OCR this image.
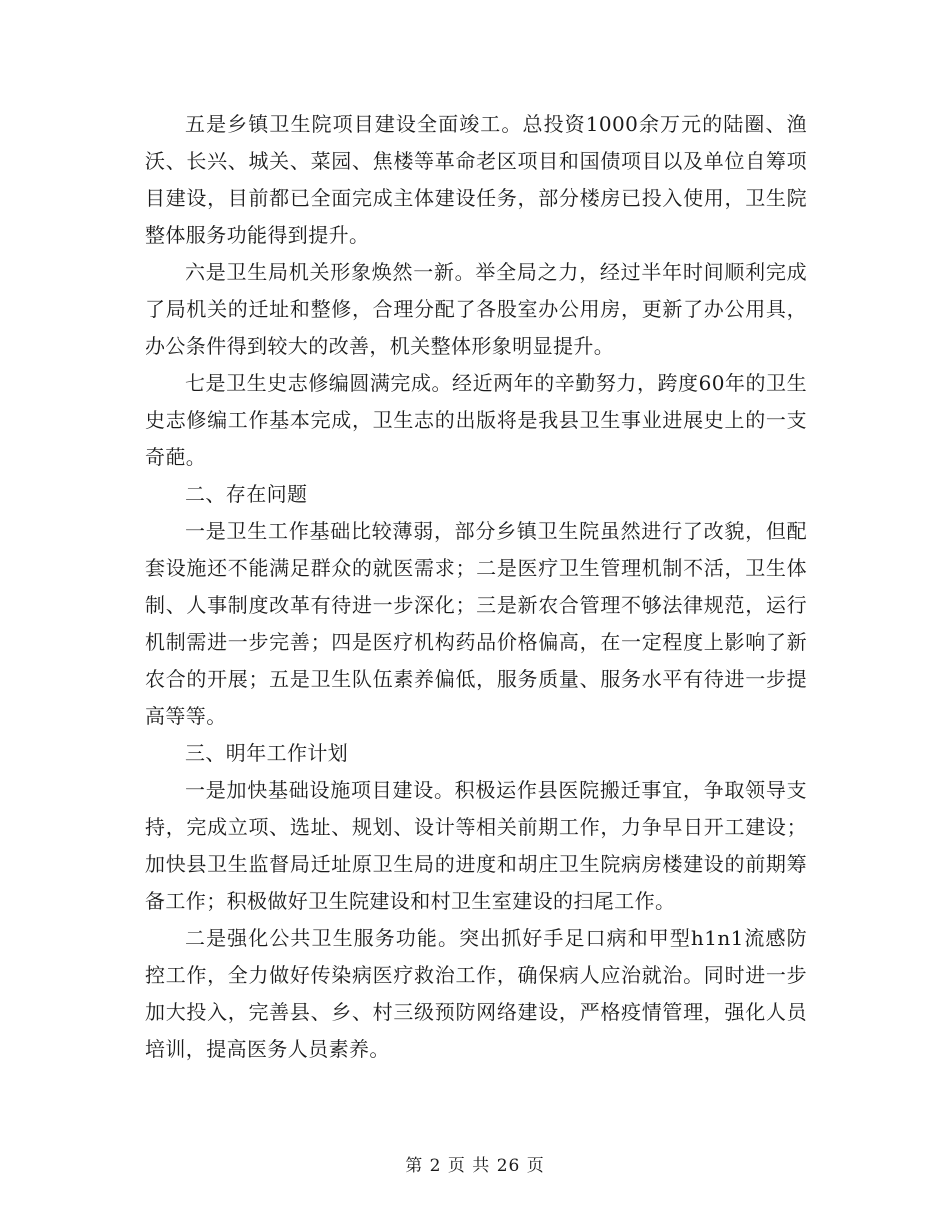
五是乡镇卫生院项目建设全面竣工。总投资1000余万元的陆圈、渔沃、长兴、城关、菜园、焦楼等革命老区项目和国债项目以及单位自筹项目建设，目前都已全面完成主体建设任务，部分楼房已投入使用，卫生院整体服务功能得到提升。

六是卫生局机关形象焕然一新。举全局之力，经过半年时间顺利完成了局机关的迁址和整修，合理分配了各股室办公用房，更新了办公用具，办公条件得到较大的改善，机关整体形象明显提升。

七是卫生史志修编圆满完成。经近两年的辛勤努力，跨度60年的卫生史志修编工作基本完成，卫生志的出版将是我县卫生事业进展史上的一支奇葩。

二、存在问题

一是卫生工作基础比较薄弱，部分乡镇卫生院虽然进行了改貌，但配套设施还不能满足群众的就医需求；二是医疗卫生管理机制不活，卫生体制、人事制度改革有待进一步深化；三是新农合管理不够法律规范，运行机制需进一步完善；四是医疗机构药品价格偏高，在一定程度上影响了新农合的开展；五是卫生队伍素养偏低，服务质量、服务水平有待进一步提高等等。

三、明年工作计划

一是加快基础设施项目建设。积极运作县医院搬迁事宜，争取领导支持，完成立项、选址、规划、设计等相关前期工作，力争早日开工建设；加快县卫生监督局迁址原卫生局的进度和胡庄卫生院病房楼建设的前期筹备工作；积极做好卫生院建设和村卫生室建设的扫尾工作。

二是强化公共卫生服务功能。突出抓好手足口病和甲型h1n1流感防控工作，全力做好传染病医疗救治工作，确保病人应治就治。同时进一步加大投入，完善县、乡、村三级预防网络建设，严格疫情管理，强化人员培训，提高医务人员素养。

第 2 页 共 26 页
